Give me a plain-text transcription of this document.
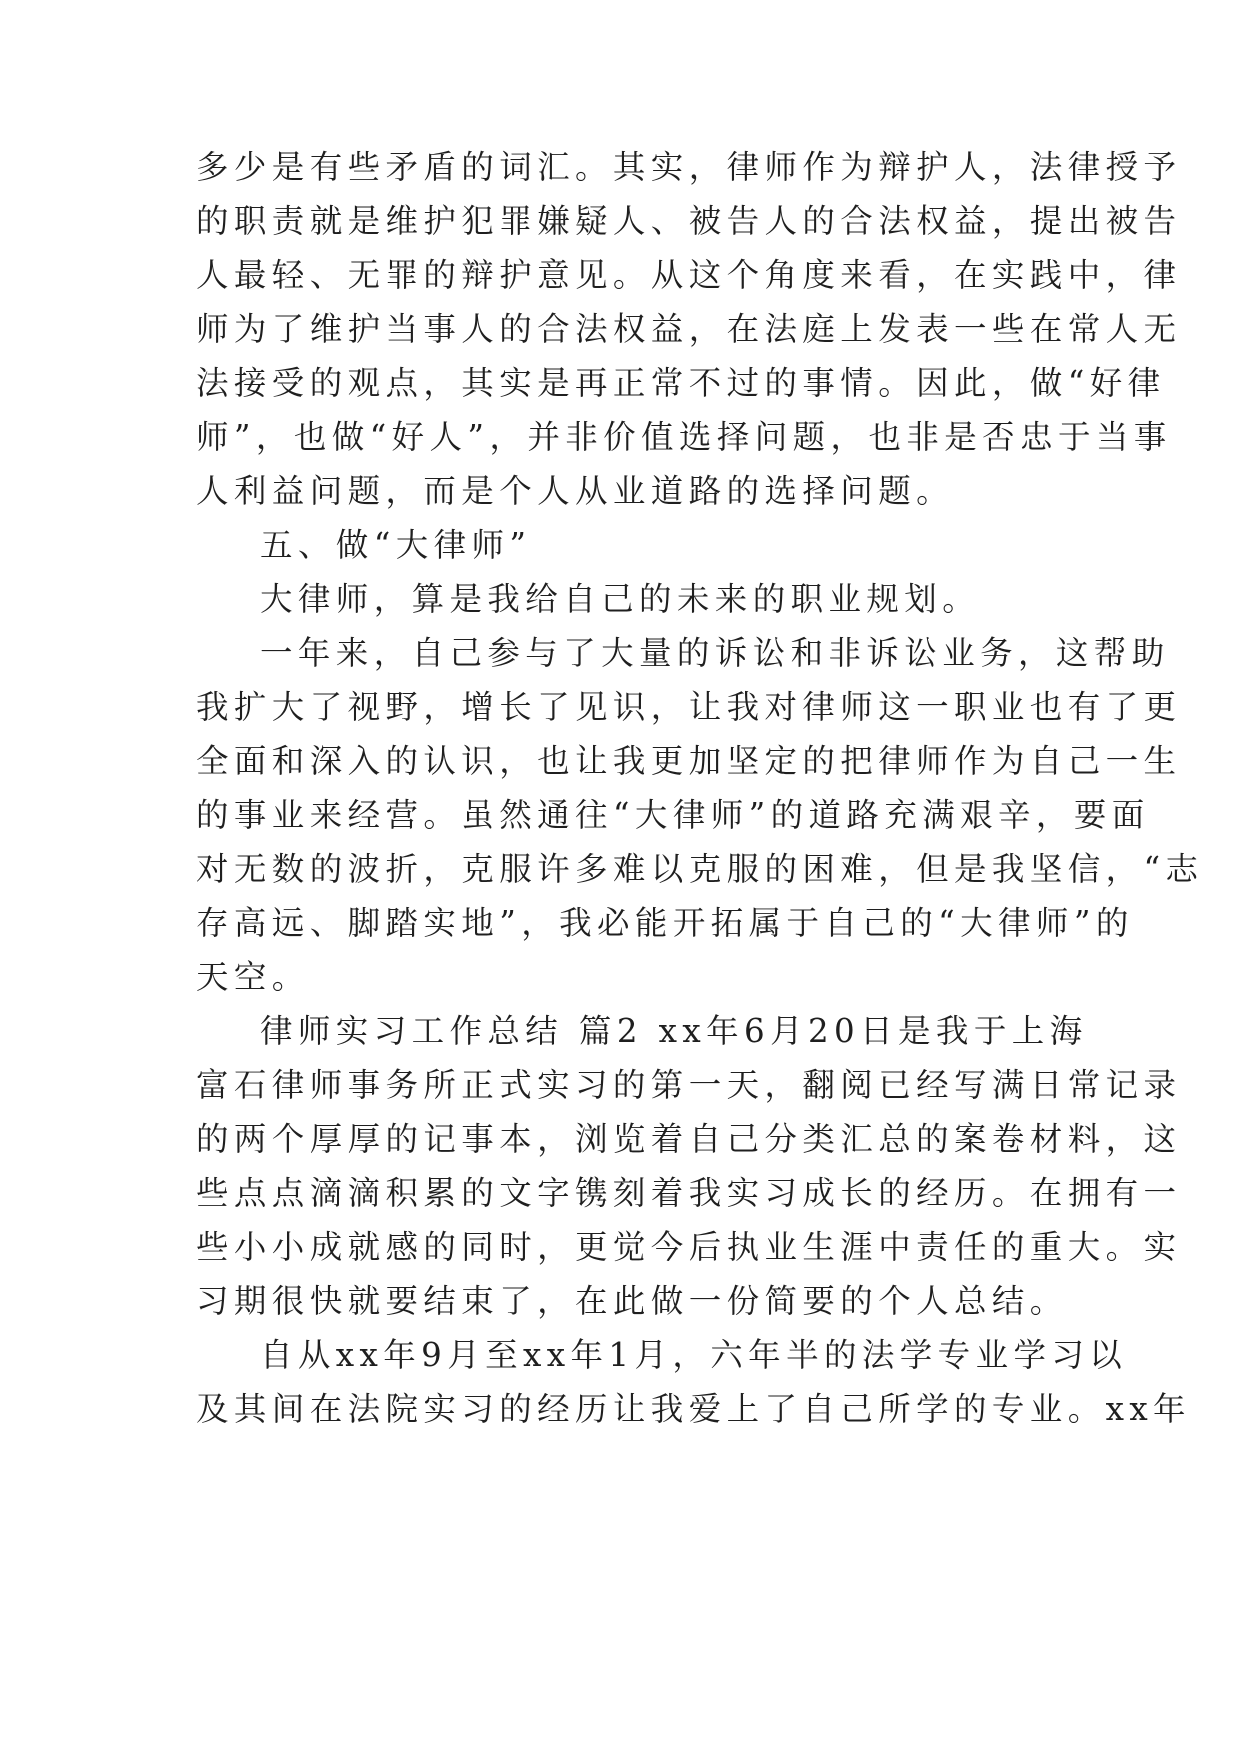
多少是有些矛盾的词汇。其实，律师作为辩护人，法律授予
的职责就是维护犯罪嫌疑人、被告人的合法权益，提出被告
人最轻、无罪的辩护意见。从这个角度来看，在实践中，律
师为了维护当事人的合法权益，在法庭上发表一些在常人无
法接受的观点，其实是再正常不过的事情。因此，做“好律
师”，也做“好人”，并非价值选择问题，也非是否忠于当事
人利益问题，而是个人从业道路的选择问题。
五、做“大律师”
大律师，算是我给自己的未来的职业规划。
一年来，自己参与了大量的诉讼和非诉讼业务，这帮助
我扩大了视野，增长了见识，让我对律师这一职业也有了更
全面和深入的认识，也让我更加坚定的把律师作为自己一生
的事业来经营。虽然通往“大律师”的道路充满艰辛，要面
对无数的波折，克服许多难以克服的困难，但是我坚信，“志
存高远、脚踏实地”，我必能开拓属于自己的“大律师”的
天空。
律师实习工作总结 篇2 xx年6月20日是我于上海
富石律师事务所正式实习的第一天，翻阅已经写满日常记录
的两个厚厚的记事本，浏览着自己分类汇总的案卷材料，这
些点点滴滴积累的文字镌刻着我实习成长的经历。在拥有一
些小小成就感的同时，更觉今后执业生涯中责任的重大。实
习期很快就要结束了，在此做一份简要的个人总结。
自从xx年9月至xx年1月，六年半的法学专业学习以
及其间在法院实习的经历让我爱上了自己所学的专业。xx年
